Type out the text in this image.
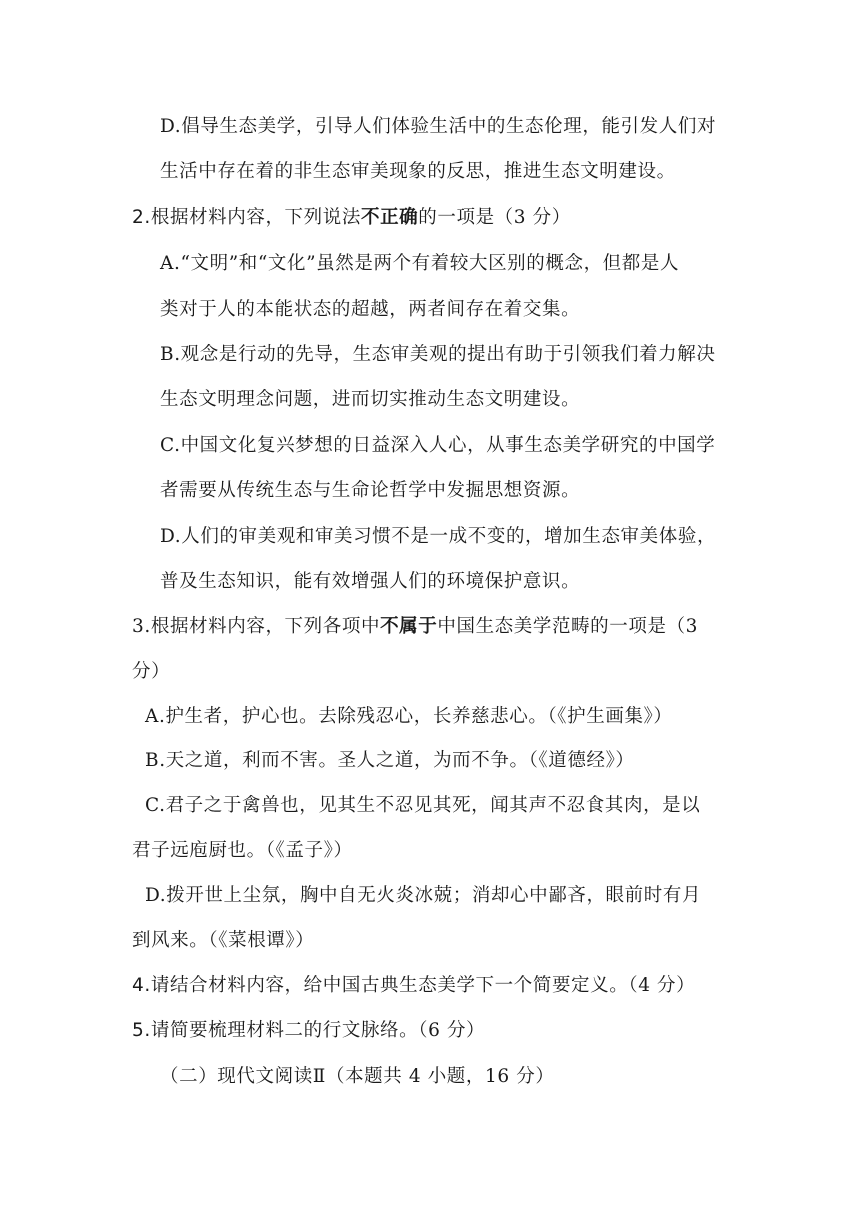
D.倡导生态美学，引导人们体验生活中的生态伦理，能引发人们对
生活中存在着的非生态审美现象的反思，推进生态文明建设。
2.根据材料内容，下列说法不正确的一项是（3 分）
A.“文明”和“文化”虽然是两个有着较大区别的概念，但都是人
类对于人的本能状态的超越，两者间存在着交集。
B.观念是行动的先导，生态审美观的提出有助于引领我们着力解决
生态文明理念问题，进而切实推动生态文明建设。
C.中国文化复兴梦想的日益深入人心，从事生态美学研究的中国学
者需要从传统生态与生命论哲学中发掘思想资源。
D.人们的审美观和审美习惯不是一成不变的，增加生态审美体验，
普及生态知识，能有效增强人们的环境保护意识。
3.根据材料内容，下列各项中不属于中国生态美学范畴的一项是（3
分）
A.护生者，护心也。去除残忍心，长养慈悲心。（《护生画集》）
B.天之道，利而不害。圣人之道，为而不争。（《道德经》）
C.君子之于禽兽也，见其生不忍见其死，闻其声不忍食其肉，是以
君子远庖厨也。（《孟子》）
D.拨开世上尘氛，胸中自无火炎冰兢；消却心中鄙吝，眼前时有月
到风来。（《菜根谭》）
4.请结合材料内容，给中国古典生态美学下一个简要定义。（4 分）
5.请简要梳理材料二的行文脉络。（6 分）
（二）现代文阅读Ⅱ（本题共 4 小题，16 分）
